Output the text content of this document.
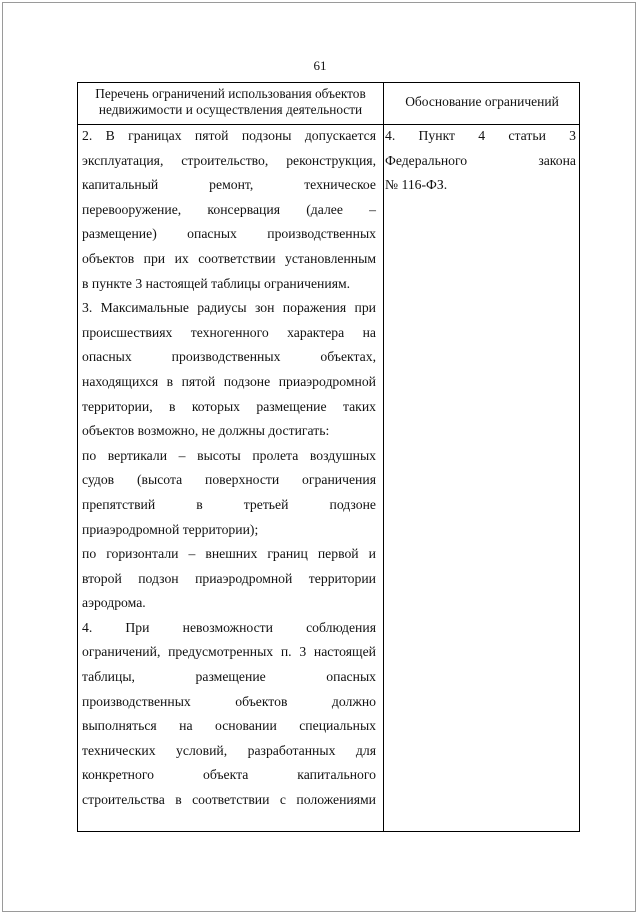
61
Перечень ограничений использования объектов недвижимости и осуществления деятельности
Обоснование ограничений
2. В границах пятой подзоны допускается
эксплуатация, строительство, реконструкция,
капитальный ремонт, техническое
перевооружение, консервация (далее –
размещение) опасных производственных
объектов при их соответствии установленным
в пункте 3 настоящей таблицы ограничениям.
3. Максимальные радиусы зон поражения при
происшествиях техногенного характера на
опасных производственных объектах,
находящихся в пятой подзоне приаэродромной
территории, в которых размещение таких
объектов возможно, не должны достигать:
по вертикали – высоты пролета воздушных
судов (высота поверхности ограничения
препятствий в третьей подзоне
приаэродромной территории);
по горизонтали – внешних границ первой и
второй подзон приаэродромной территории
аэродрома.
4. При невозможности соблюдения
ограничений, предусмотренных п. 3 настоящей
таблицы, размещение опасных
производственных объектов должно
выполняться на основании специальных
технических условий, разработанных для
конкретного объекта капитального
строительства в соответствии с положениями
4. Пункт 4 статьи 3
Федерального закона
№ 116-ФЗ.
